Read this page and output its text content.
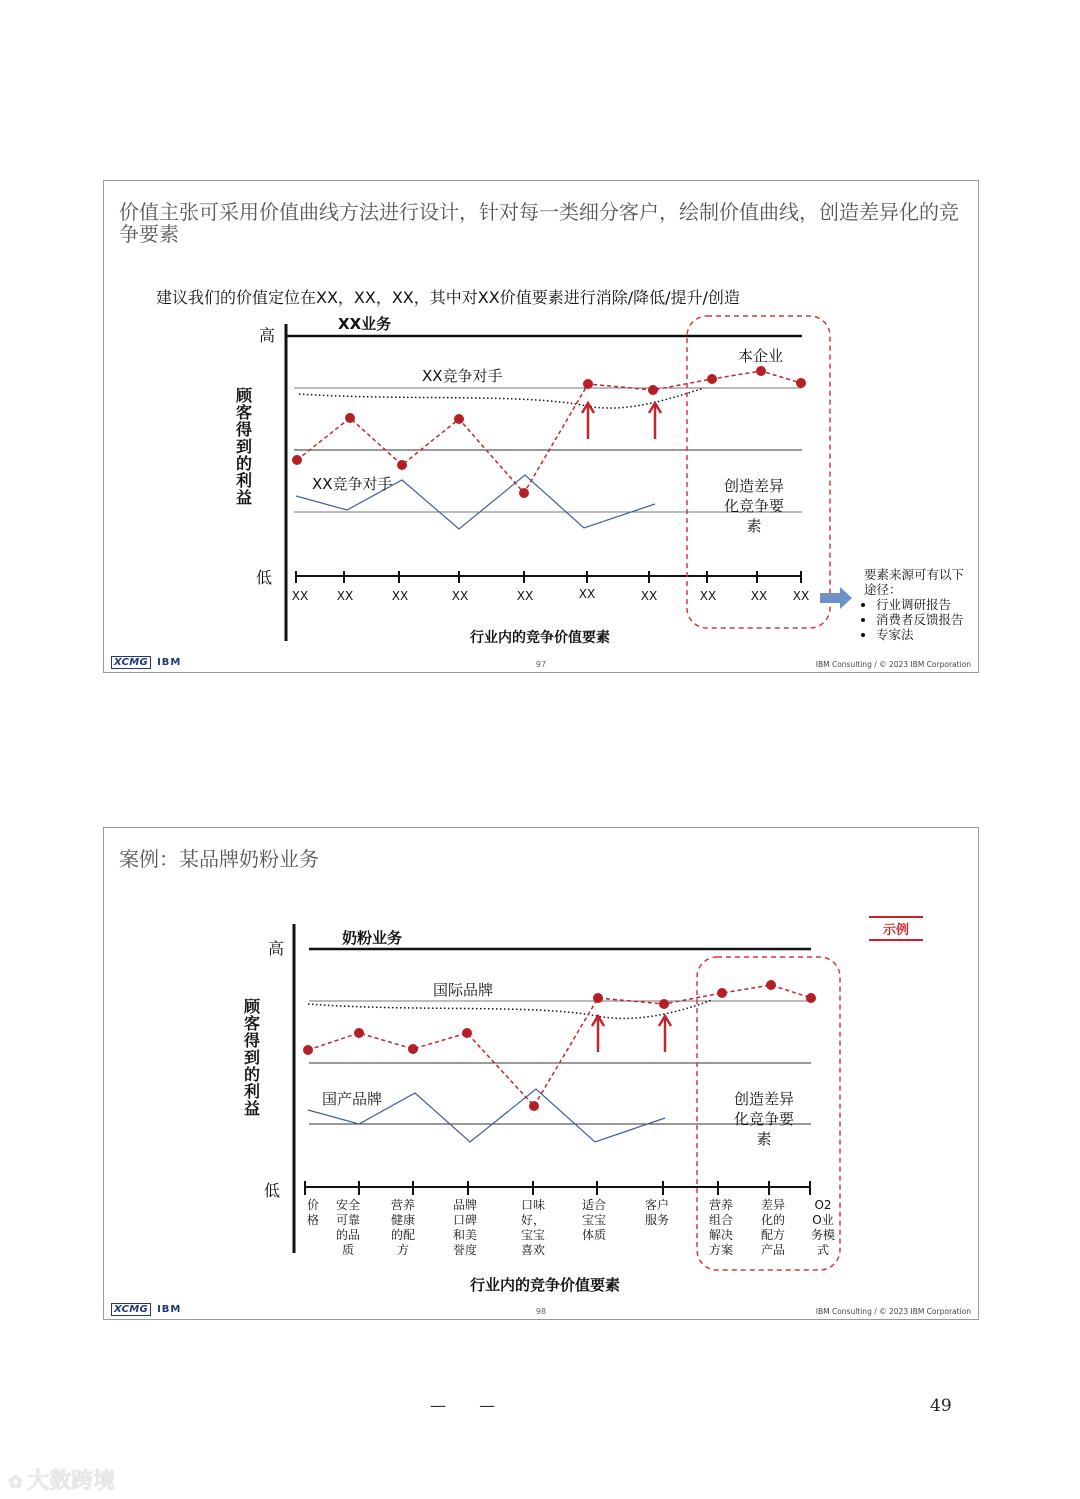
价值主张可采用价值曲线方法进行设计，针对每一类细分客户，绘制价值曲线，创造差异化的竞争要素
建议我们的价值定位在XX，XX，XX，其中对XX价值要素进行消除/降低/提升/创造
高
低
XX业务
XX竞争对手
XX竞争对手
本企业
行业内的竞争价值要素
创造差异
化竞争要
素
XX XX	XX	XX	XX	XX	XX	XX	XX XX
顾
客
得
到
的
利
益
要素来源可有以下途径：
• 行业调研报告
• 消费者反馈报告
• 专家法
XCMG IBM	97	IBM Consulting / © 2023 IBM Corporation
案例：某品牌奶粉业务
示例
高
低
奶粉业务
国际品牌
国产品牌
行业内的竞争价值要素
创造差异
化竞争要
素
价格
安全可靠的品质
营养健康的配方
品牌口碑和美誉度
口味好，宝宝喜欢
适合宝宝体质
客户服务
营养组合解决方案
差异化的配方产品
O2 O业务模式
顾
客
得
到
的
利
益
XCMG IBM	98	IBM Consulting / © 2023 IBM Corporation
— —	49
✿ 大数跨境
